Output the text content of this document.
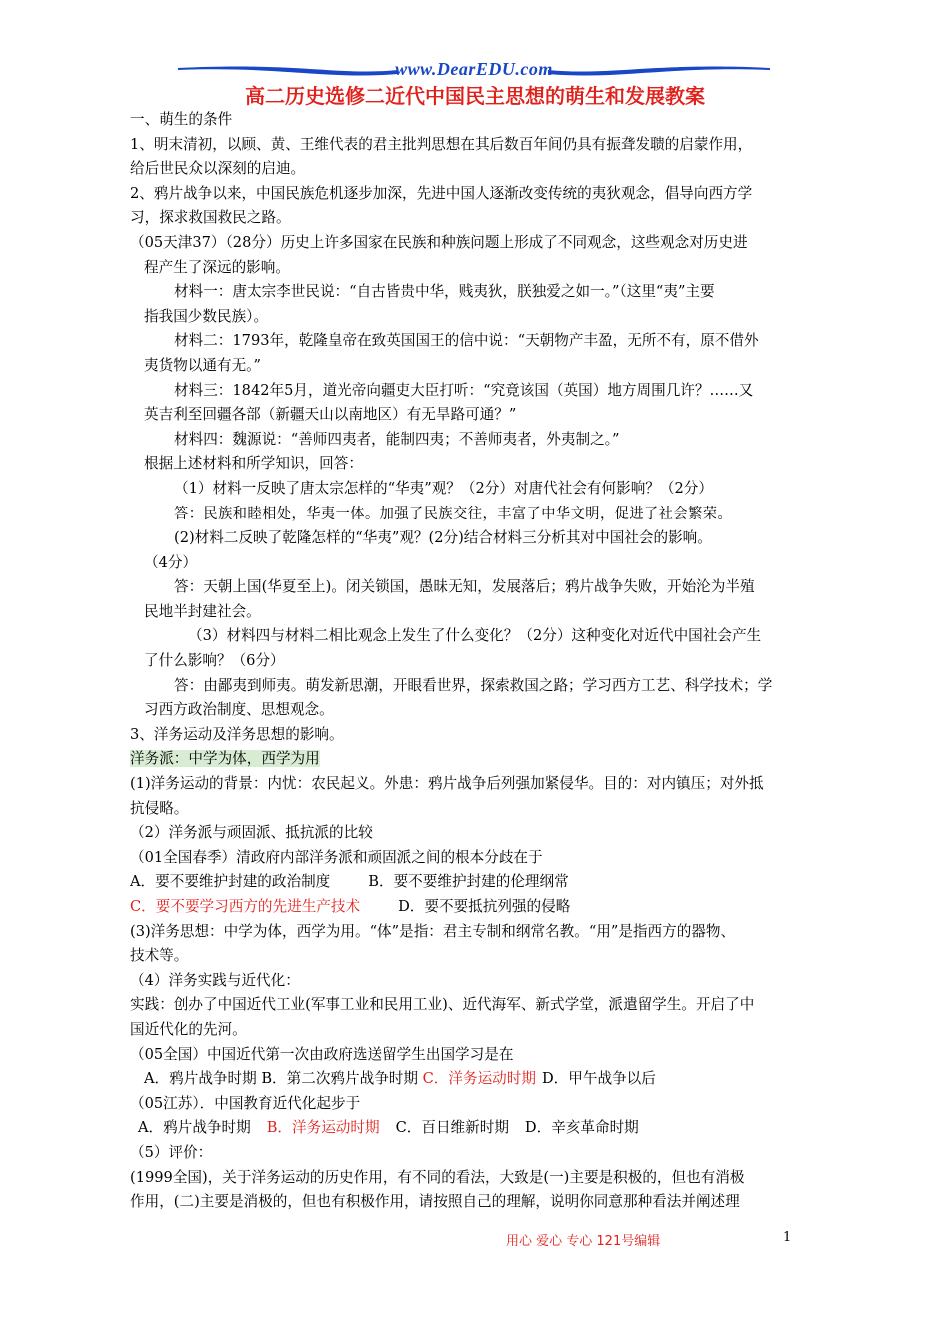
www.DearEDU.com
高二历史选修二近代中国民主思想的萌生和发展教案

一、萌生的条件

1、明末清初，以顾、黄、王维代表的君主批判思想在其后数百年间仍具有振聋发聩的启蒙作用，

给后世民众以深刻的启迪。

2、鸦片战争以来，中国民族危机逐步加深，先进中国人逐渐改变传统的夷狄观念，倡导向西方学

习，探求救国救民之路。

（05天津37）（28分）历史上许多国家在民族和种族问题上形成了不同观念，这些观念对历史进

程产生了深远的影响。

材料一：唐太宗李世民说：“自古皆贵中华，贱夷狄，朕独爱之如一。”（这里“夷”主要

指我国少数民族）。

材料二：1793年，乾隆皇帝在致英国国王的信中说：“天朝物产丰盈，无所不有，原不借外

夷货物以通有无。”

材料三：1842年5月，道光帝向疆吏大臣打听：“究竟该国（英国）地方周围几许？……又

英吉利至回疆各部（新疆天山以南地区）有无旱路可通？”

材料四：魏源说：“善师四夷者，能制四夷；不善师夷者，外夷制之。”

根据上述材料和所学知识，回答：

（1）材料一反映了唐太宗怎样的“华夷”观？（2分）对唐代社会有何影响？（2分）

答：民族和睦相处，华夷一体。加强了民族交往，丰富了中华文明，促进了社会繁荣。

(2)材料二反映了乾隆怎样的“华夷”观？(2分)结合材料三分析其对中国社会的影响。

（4分）

答：天朝上国(华夏至上)。闭关锁国，愚昧无知，发展落后；鸦片战争失败，开始沦为半殖

民地半封建社会。

（3）材料四与材料二相比观念上发生了什么变化？（2分）这种变化对近代中国社会产生

了什么影响？（6分）

答：由鄙夷到师夷。萌发新思潮，开眼看世界，探索救国之路；学习西方工艺、科学技术；学

习西方政治制度、思想观念。

3、洋务运动及洋务思想的影响。

洋务派：中学为体，西学为用

(1)洋务运动的背景：内忧：农民起义。外患：鸦片战争后列强加紧侵华。目的：对内镇压；对外抵

抗侵略。

（2）洋务派与顽固派、抵抗派的比较

（01全国春季）清政府内部洋务派和顽固派之间的根本分歧在于

A．要不要维护封建的政治制度	B．要不要维护封建的伦理纲常

C．要不要学习西方的先进生产技术	D．要不要抵抗列强的侵略

(3)洋务思想：中学为体，西学为用。“体”是指：君主专制和纲常名教。“用”是指西方的器物、

技术等。

（4）洋务实践与近代化：

实践：创办了中国近代工业(军事工业和民用工业)、近代海军、新式学堂，派遣留学生。开启了中

国近代化的先河。

（05全国）中国近代第一次由政府选送留学生出国学习是在

A．鸦片战争时期 B．第二次鸦片战争时期 C．洋务运动时期 D．甲午战争以后

（05江苏）．中国教育近代化起步于

A．鸦片战争时期 B．洋务运动时期 C．百日维新时期 D．辛亥革命时期

（5）评价：

(1999全国)，关于洋务运动的历史作用，有不同的看法，大致是(一)主要是积极的，但也有消极

作用，(二)主要是消极的，但也有积极作用，请按照自己的理解，说明你同意那种看法并阐述理

用心 爱心 专心 121号编辑	1
